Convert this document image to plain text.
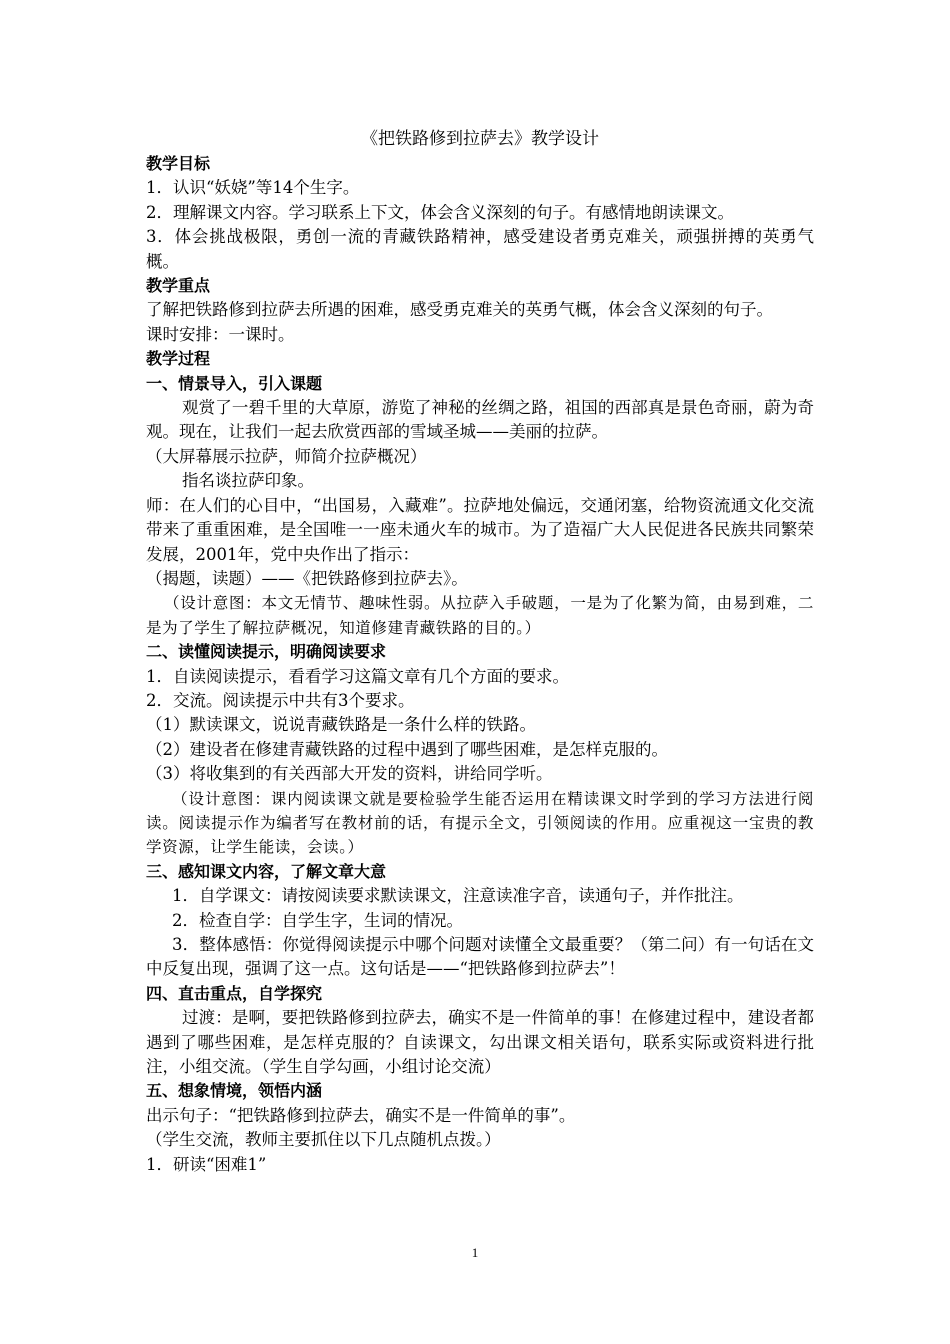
《把铁路修到拉萨去》教学设计
教学目标
1．认识“妖娆”等14个生字。
2．理解课文内容。学习联系上下文，体会含义深刻的句子。有感情地朗读课文。
3．体会挑战极限，勇创一流的青藏铁路精神，感受建设者勇克难关，顽强拼搏的英勇气概。
教学重点
了解把铁路修到拉萨去所遇的困难，感受勇克难关的英勇气概，体会含义深刻的句子。
课时安排：一课时。
教学过程
一、情景导入，引入课题
观赏了一碧千里的大草原，游览了神秘的丝绸之路，祖国的西部真是景色奇丽，蔚为奇观。现在，让我们一起去欣赏西部的雪域圣城——美丽的拉萨。
（大屏幕展示拉萨，师简介拉萨概况）
指名谈拉萨印象。
师：在人们的心目中，“出国易，入藏难”。拉萨地处偏远，交通闭塞，给物资流通文化交流带来了重重困难，是全国唯一一座未通火车的城市。为了造福广大人民促进各民族共同繁荣发展，2001年，党中央作出了指示：
（揭题，读题）——《把铁路修到拉萨去》。
（设计意图：本文无情节、趣味性弱。从拉萨入手破题，一是为了化繁为简，由易到难，二是为了学生了解拉萨概况，知道修建青藏铁路的目的。）
二、读懂阅读提示，明确阅读要求
1．自读阅读提示，看看学习这篇文章有几个方面的要求。
2．交流。阅读提示中共有3个要求。
（1）默读课文，说说青藏铁路是一条什么样的铁路。
（2）建设者在修建青藏铁路的过程中遇到了哪些困难，是怎样克服的。
（3）将收集到的有关西部大开发的资料，讲给同学听。
（设计意图：课内阅读课文就是要检验学生能否运用在精读课文时学到的学习方法进行阅读。阅读提示作为编者写在教材前的话，有提示全文，引领阅读的作用。应重视这一宝贵的教学资源，让学生能读，会读。）
三、感知课文内容，了解文章大意
1．自学课文：请按阅读要求默读课文，注意读准字音，读通句子，并作批注。
2．检查自学：自学生字，生词的情况。
3．整体感悟：你觉得阅读提示中哪个问题对读懂全文最重要？（第二问）有一句话在文中反复出现，强调了这一点。这句话是——“把铁路修到拉萨去”！
四、直击重点，自学探究
过渡：是啊，要把铁路修到拉萨去，确实不是一件简单的事！在修建过程中，建设者都遇到了哪些困难，是怎样克服的？自读课文，勾出课文相关语句，联系实际或资料进行批注，小组交流。（学生自学勾画，小组讨论交流）
五、想象情境，领悟内涵
出示句子：“把铁路修到拉萨去，确实不是一件简单的事”。
（学生交流，教师主要抓住以下几点随机点拨。）
1．研读“困难1”
1
